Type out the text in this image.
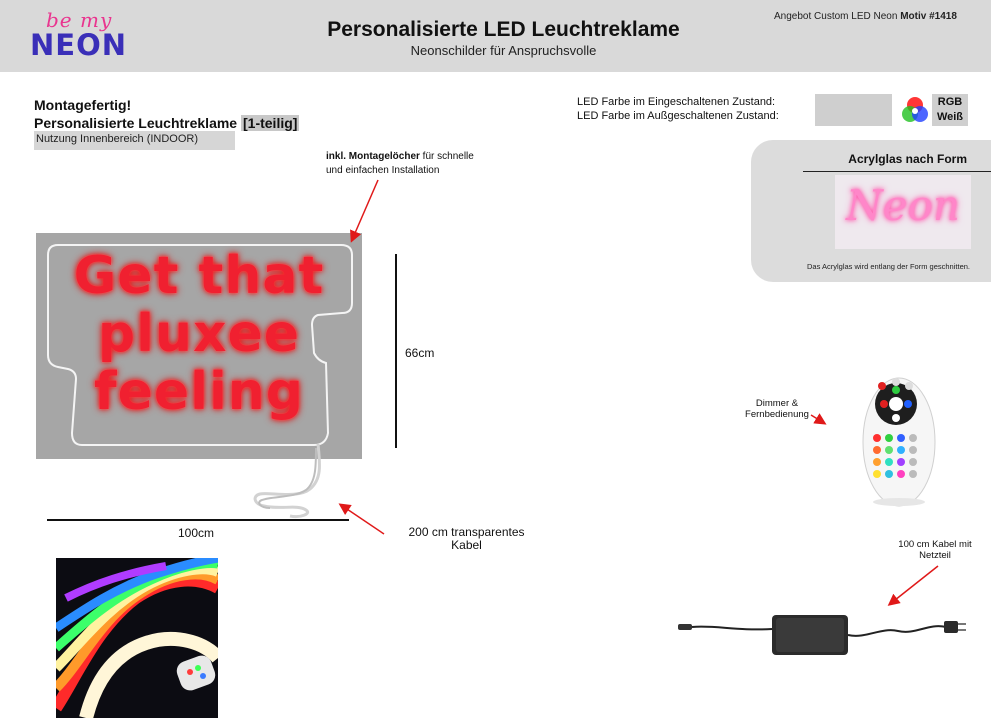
be my
NEON	Personalisierte LED Leuchtreklame
Neonschilder für Anspruchsvolle
Angebot Custom LED Neon Motiv #1418
Montagefertig!
Personalisierte Leuchtreklame [1-teilig]
Nutzung Innenbereich (INDOOR)
inkl. Montagelöcher für schnelle
und einfachen Installation
Get that
pluxee
feeling
66cm
100cm	200 cm transparentes
Kabel
LED Farbe im Eingeschaltenen Zustand:
LED Farbe im Außgeschaltenen Zustand:
RGB
Weiß
Acrylglas nach Form
Neon
Das Acrylglas wird entlang der Form geschnitten.
Dimmer &
Fernbedienung
100 cm Kabel mit
Netzteil
